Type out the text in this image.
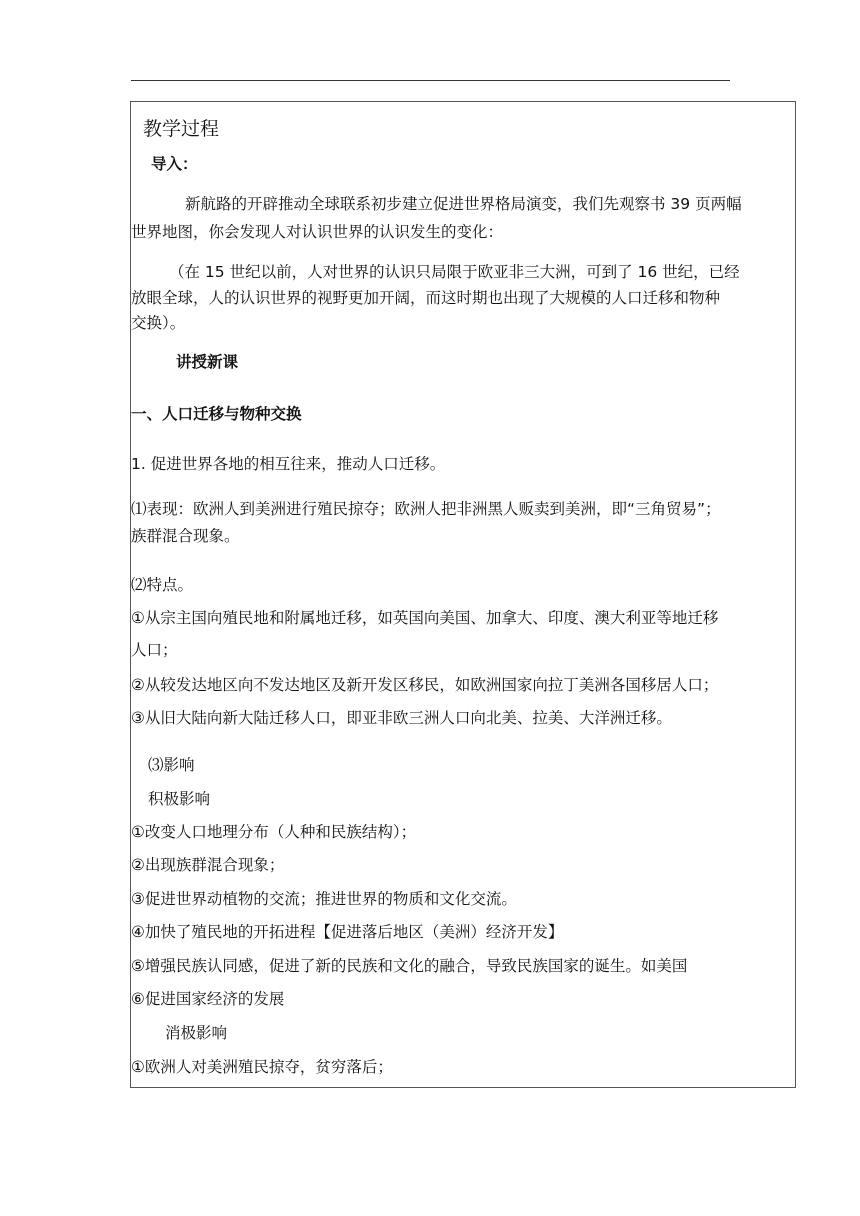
教学过程
导入：
新航路的开辟推动全球联系初步建立促进世界格局演变，我们先观察书 39 页两幅
世界地图，你会发现人对认识世界的认识发生的变化：
（在 15 世纪以前，人对世界的认识只局限于欧亚非三大洲，可到了 16 世纪，已经
放眼全球，人的认识世界的视野更加开阔，而这时期也出现了大规模的人口迁移和物种
交换）。
讲授新课
一、人口迁移与物种交换
1. 促进世界各地的相互往来，推动人口迁移。
⑴表现：欧洲人到美洲进行殖民掠夺；欧洲人把非洲黑人贩卖到美洲，即“三角贸易”；
族群混合现象。
⑵特点。
①从宗主国向殖民地和附属地迁移，如英国向美国、加拿大、印度、澳大利亚等地迁移
人口；
②从较发达地区向不发达地区及新开发区移民，如欧洲国家向拉丁美洲各国移居人口；
③从旧大陆向新大陆迁移人口，即亚非欧三洲人口向北美、拉美、大洋洲迁移。
⑶影响
积极影响
①改变人口地理分布（人种和民族结构）；
②出现族群混合现象；
③促进世界动植物的交流；推进世界的物质和文化交流。
④加快了殖民地的开拓进程【促进落后地区（美洲）经济开发】
⑤增强民族认同感，促进了新的民族和文化的融合，导致民族国家的诞生。如美国
⑥促进国家经济的发展
消极影响
①欧洲人对美洲殖民掠夺，贫穷落后；
